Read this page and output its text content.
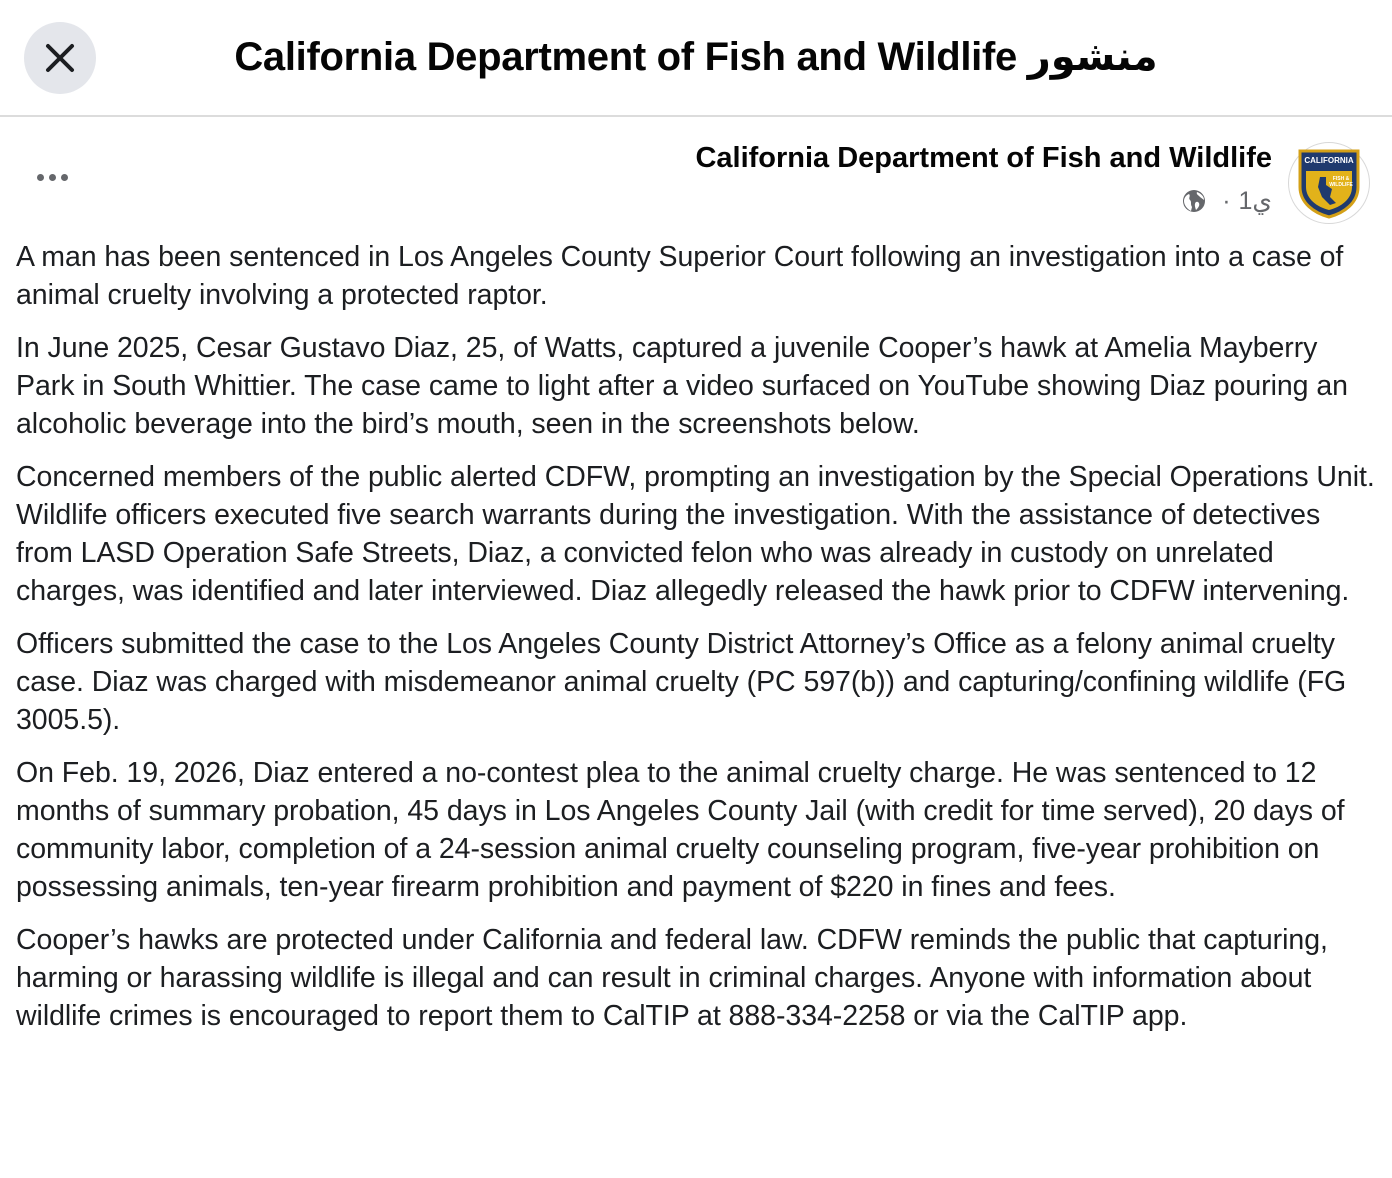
California Department of Fish and Wildlife منشور
California Department of Fish and Wildlife
· 1ي
CALIFORNIA
FISH &
WILDLIFE

A man has been sentenced in Los Angeles County Superior Court following an investigation into a case of animal cruelty involving a protected raptor.

In June 2025, Cesar Gustavo Diaz, 25, of Watts, captured a juvenile Cooper’s hawk at Amelia Mayberry Park in South Whittier. The case came to light after a video surfaced on YouTube showing Diaz pouring an alcoholic beverage into the bird’s mouth, seen in the screenshots below.

Concerned members of the public alerted CDFW, prompting an investigation by the Special Operations Unit. Wildlife officers executed five search warrants during the investigation. With the assistance of detectives from LASD Operation Safe Streets, Diaz, a convicted felon who was already in custody on unrelated charges, was identified and later interviewed. Diaz allegedly released the hawk prior to CDFW intervening.

Officers submitted the case to the Los Angeles County District Attorney’s Office as a felony animal cruelty case. Diaz was charged with misdemeanor animal cruelty (PC 597(b)) and capturing/confining wildlife (FG 3005.5).

On Feb. 19, 2026, Diaz entered a no-contest plea to the animal cruelty charge. He was sentenced to 12 months of summary probation, 45 days in Los Angeles County Jail (with credit for time served), 20 days of community labor, completion of a 24-session animal cruelty counseling program, five-year prohibition on possessing animals, ten-year firearm prohibition and payment of $220 in fines and fees.

Cooper’s hawks are protected under California and federal law. CDFW reminds the public that capturing, harming or harassing wildlife is illegal and can result in criminal charges. Anyone with information about wildlife crimes is encouraged to report them to CalTIP at 888-334-2258 or via the CalTIP app.
